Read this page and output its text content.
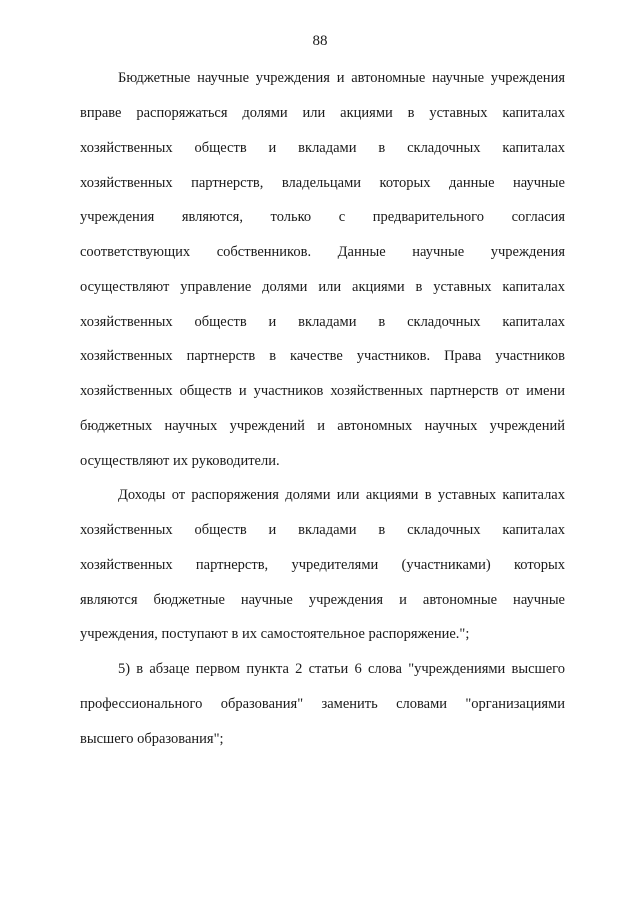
88
Бюджетные научные учреждения и автономные научные учреждения
вправе распоряжаться долями или акциями в уставных капиталах
хозяйственных обществ и вкладами в складочных капиталах
хозяйственных партнерств, владельцами которых данные научные
учреждения являются, только с предварительного согласия
соответствующих собственников. Данные научные учреждения
осуществляют управление долями или акциями в уставных капиталах
хозяйственных обществ и вкладами в складочных капиталах
хозяйственных партнерств в качестве участников. Права участников
хозяйственных обществ и участников хозяйственных партнерств от имени
бюджетных научных учреждений и автономных научных учреждений
осуществляют их руководители.
Доходы от распоряжения долями или акциями в уставных капиталах
хозяйственных обществ и вкладами в складочных капиталах
хозяйственных партнерств, учредителями (участниками) которых
являются бюджетные научные учреждения и автономные научные
учреждения, поступают в их самостоятельное распоряжение.";
5) в абзаце первом пункта 2 статьи 6 слова "учреждениями высшего
профессионального образования" заменить словами "организациями
высшего образования";
